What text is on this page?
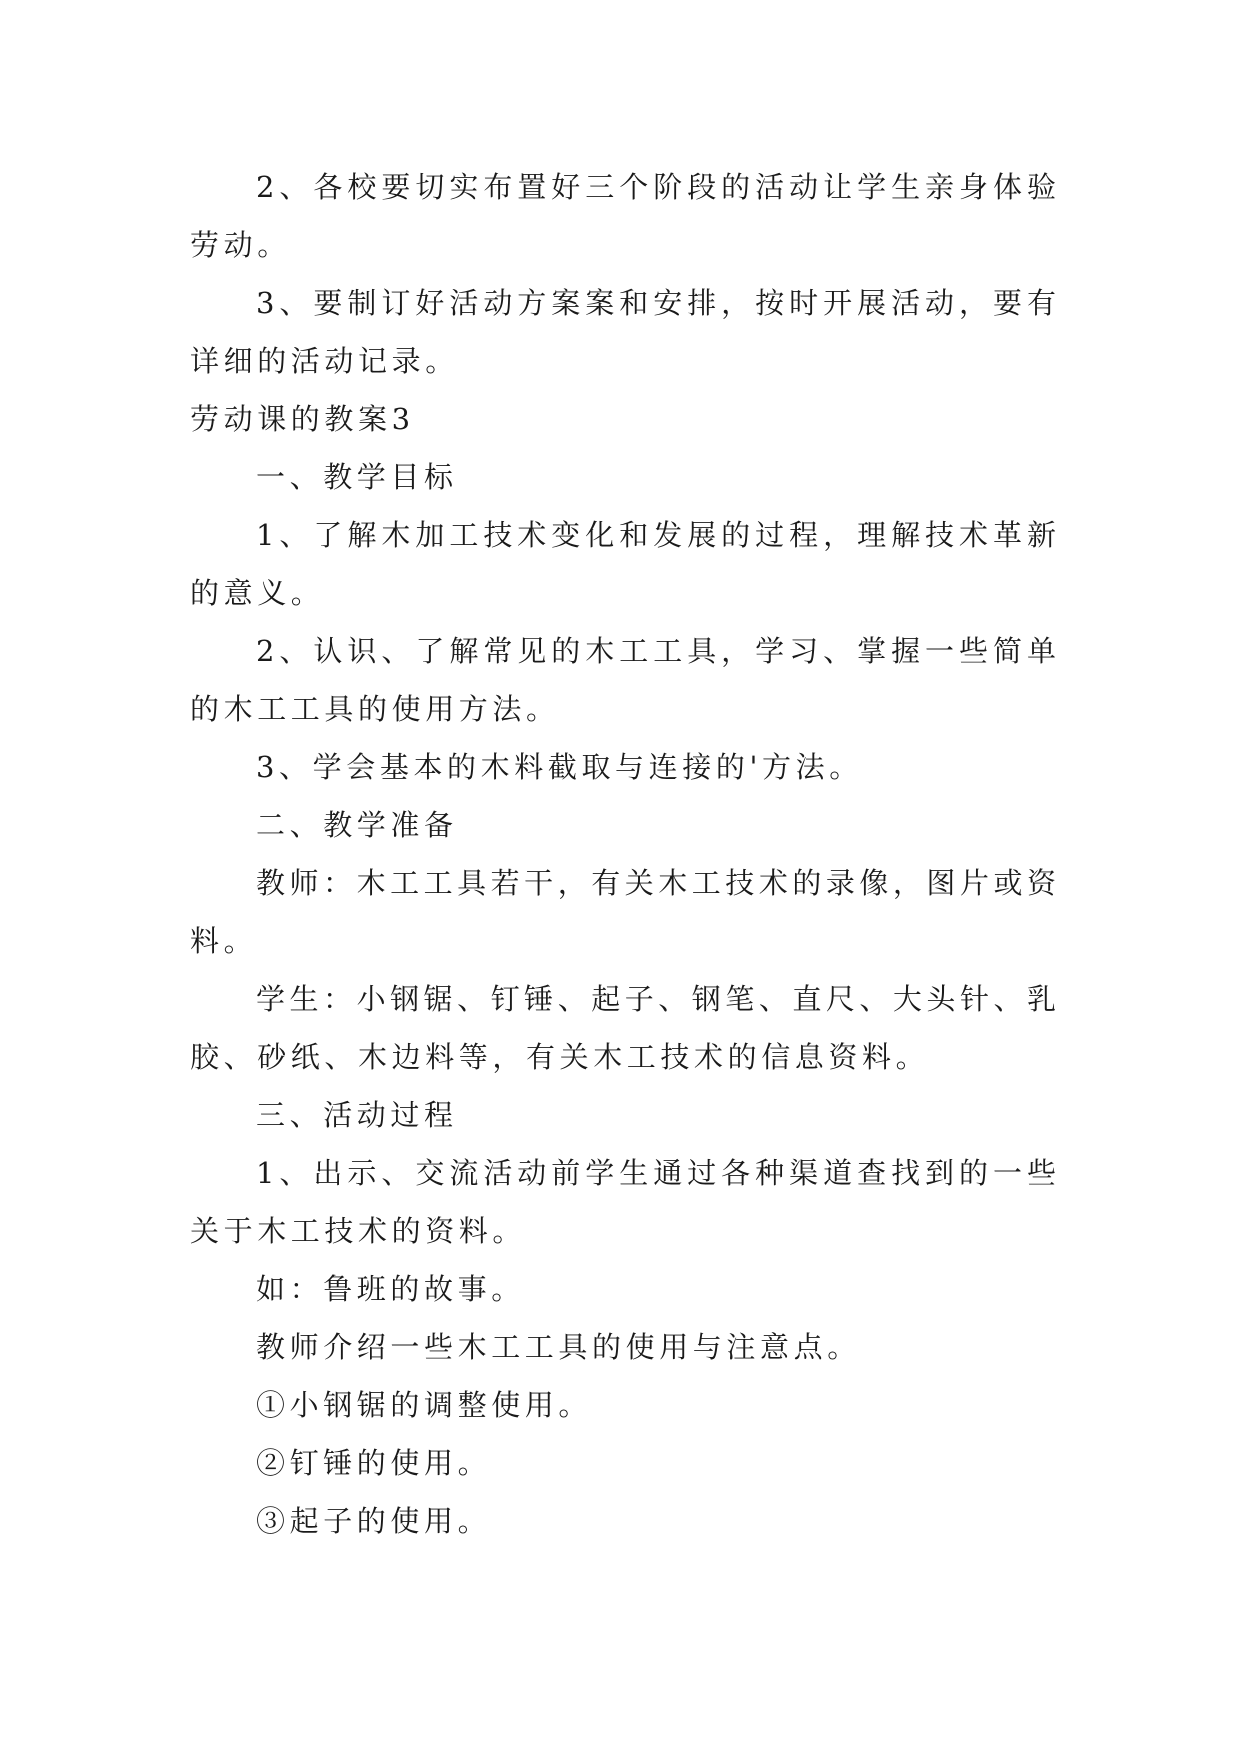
2、各校要切实布置好三个阶段的活动让学生亲身体验

劳动。

3、要制订好活动方案案和安排，按时开展活动，要有

详细的活动记录。

劳动课的教案3

一、教学目标

1、了解木加工技术变化和发展的过程，理解技术革新

的意义。

2、认识、了解常见的木工工具，学习、掌握一些简单

的木工工具的使用方法。

3、学会基本的木料截取与连接的'方法。

二、教学准备

教师：木工工具若干，有关木工技术的录像，图片或资

料。

学生：小钢锯、钉锤、起子、钢笔、直尺、大头针、乳

胶、砂纸、木边料等，有关木工技术的信息资料。

三、活动过程

1、出示、交流活动前学生通过各种渠道查找到的一些

关于木工技术的资料。

如：鲁班的故事。

教师介绍一些木工工具的使用与注意点。

①小钢锯的调整使用。

②钉锤的使用。

③起子的使用。
